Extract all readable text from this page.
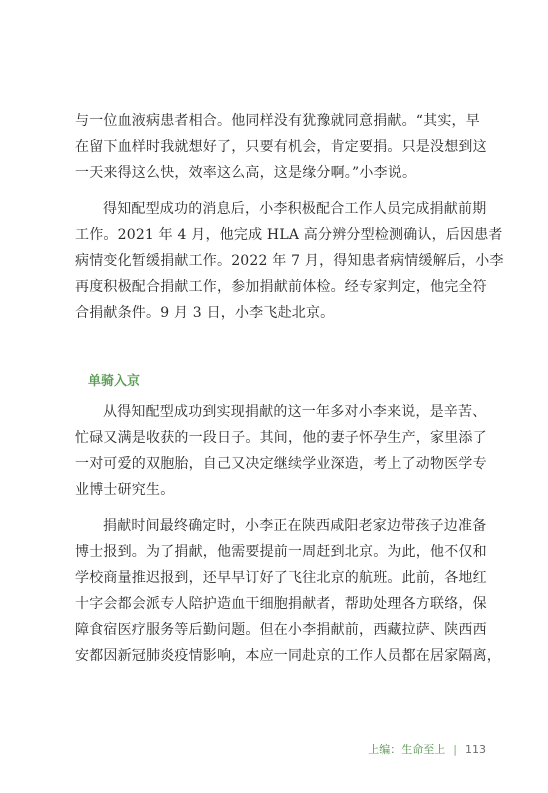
与一位血液病患者相合。他同样没有犹豫就同意捐献。“其实，早
在留下血样时我就想好了，只要有机会，肯定要捐。只是没想到这
一天来得这么快，效率这么高，这是缘分啊。”小李说。

得知配型成功的消息后，小李积极配合工作人员完成捐献前期
工作。2021 年 4 月，他完成 HLA 高分辨分型检测确认，后因患者
病情变化暂缓捐献工作。2022 年 7 月，得知患者病情缓解后，小李
再度积极配合捐献工作，参加捐献前体检。经专家判定，他完全符
合捐献条件。9 月 3 日，小李飞赴北京。

单骑入京

从得知配型成功到实现捐献的这一年多对小李来说，是辛苦、
忙碌又满是收获的一段日子。其间，他的妻子怀孕生产，家里添了
一对可爱的双胞胎，自己又决定继续学业深造，考上了动物医学专
业博士研究生。

捐献时间最终确定时，小李正在陕西咸阳老家边带孩子边准备
博士报到。为了捐献，他需要提前一周赶到北京。为此，他不仅和
学校商量推迟报到，还早早订好了飞往北京的航班。此前，各地红
十字会都会派专人陪护造血干细胞捐献者，帮助处理各方联络，保
障食宿医疗服务等后勤问题。但在小李捐献前，西藏拉萨、陕西西
安都因新冠肺炎疫情影响，本应一同赴京的工作人员都在居家隔离，

上编：生命至上 | 113
